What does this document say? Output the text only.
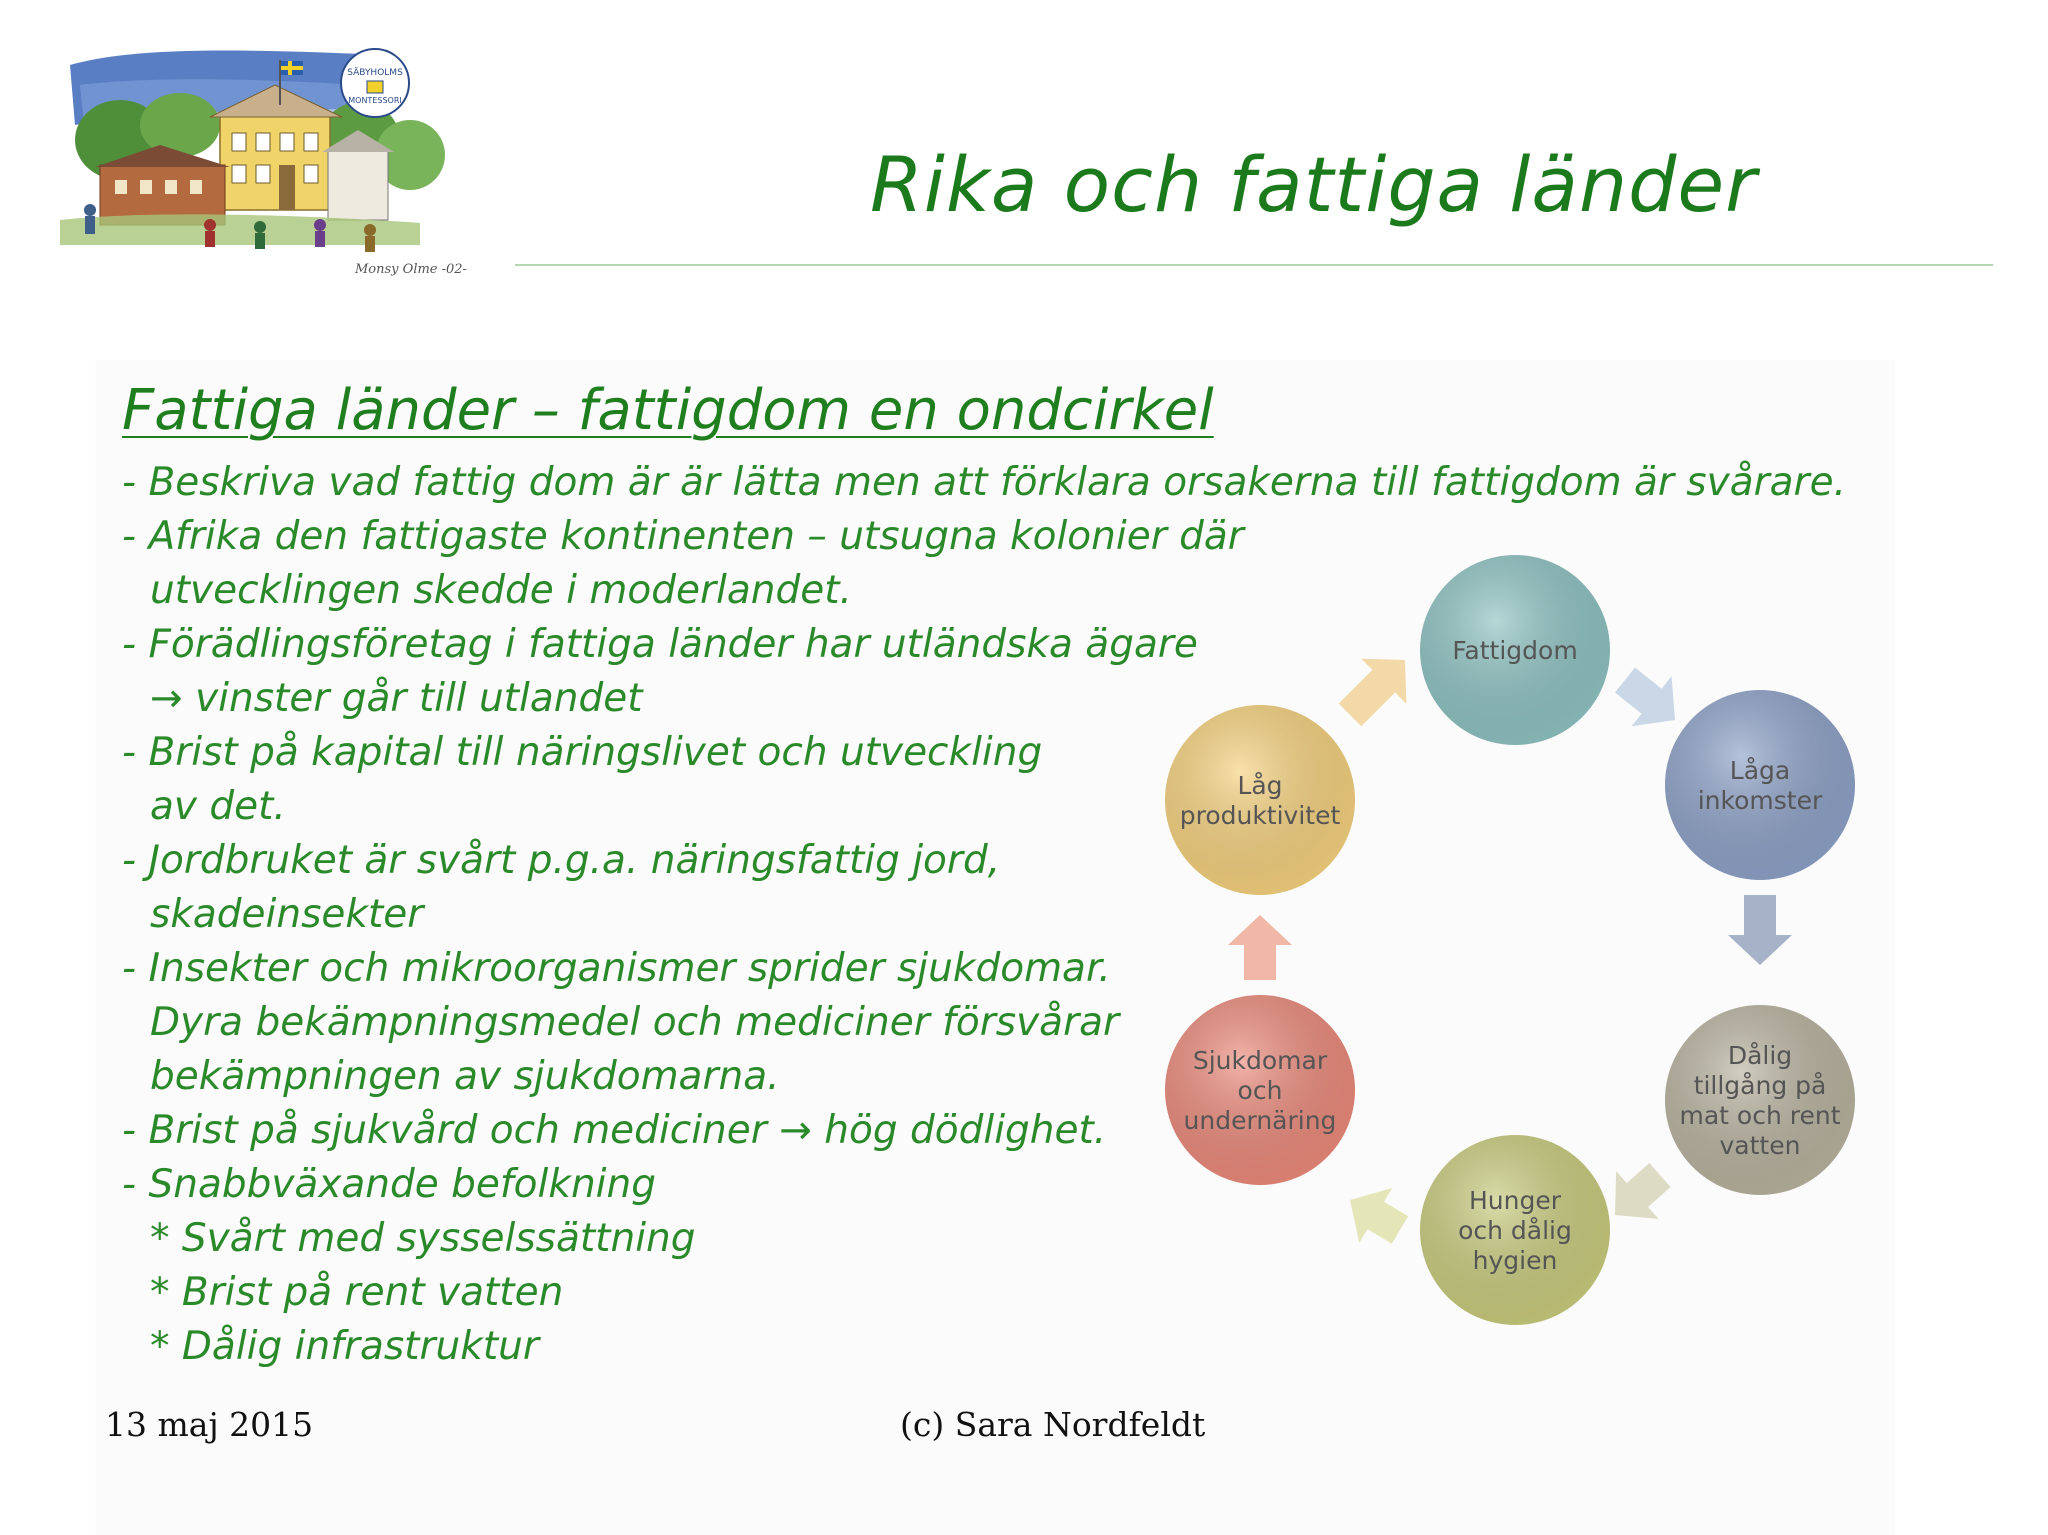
SÄBYHOLMS
MONTESSORI
Monsy Olme -02-
Rika och fattiga länder
Fattiga länder – fattigdom en ondcirkel
- Beskriva vad fattig dom är är lätta men att förklara orsakerna till fattigdom är svårare.
- Afrika den fattigaste kontinenten – utsugna kolonier där
utvecklingen skedde i moderlandet.
- Förädlingsföretag i fattiga länder har utländska ägare
→ vinster går till utlandet
- Brist på kapital till näringslivet och utveckling
av det.
- Jordbruket är svårt p.g.a. näringsfattig jord,
skadeinsekter
- Insekter och mikroorganismer sprider sjukdomar.
Dyra bekämpningsmedel och mediciner försvårar
bekämpningen av sjukdomarna.
- Brist på sjukvård och mediciner → hög dödlighet.
- Snabbväxande befolkning
* Svårt med sysselssättning
* Brist på rent vatten
* Dålig infrastruktur
Fattigdom
Låga
inkomster
Dålig
tillgång på
mat och rent
vatten
Hunger
och dålig
hygien
Sjukdomar
och
undernäring
Låg
produktivitet
13 maj 2015	(c) Sara Nordfeldt
